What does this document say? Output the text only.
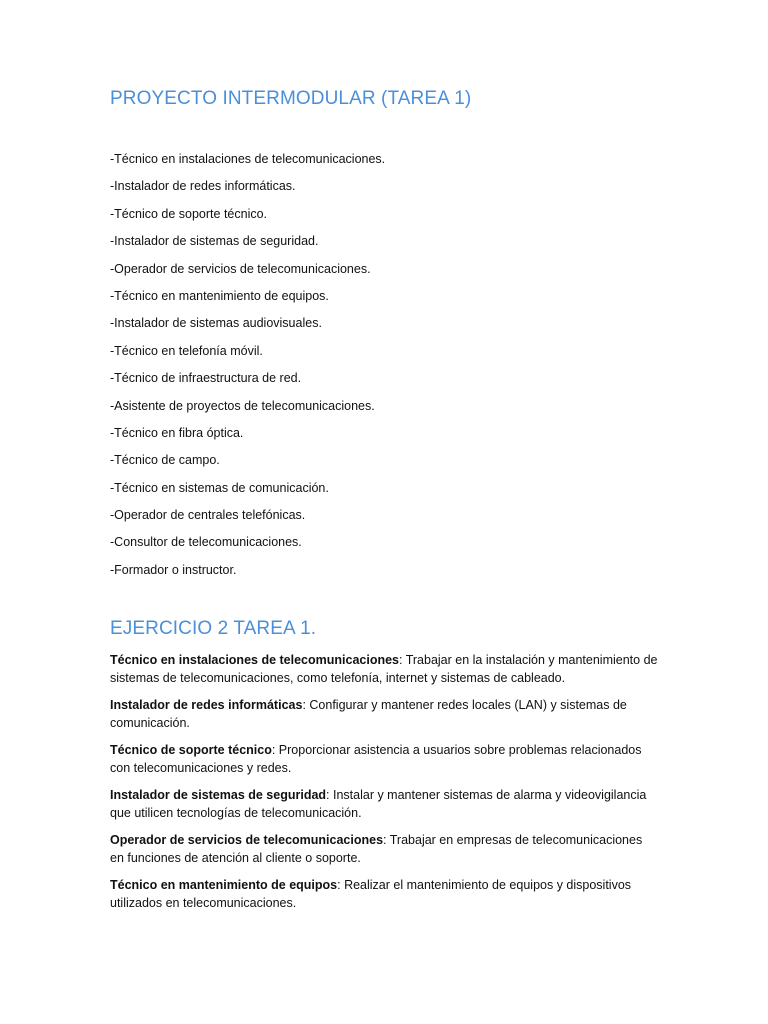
PROYECTO INTERMODULAR (TAREA 1)
-Técnico en instalaciones de telecomunicaciones.
-Instalador de redes informáticas.
-Técnico de soporte técnico.
-Instalador de sistemas de seguridad.
-Operador de servicios de telecomunicaciones.
-Técnico en mantenimiento de equipos.
-Instalador de sistemas audiovisuales.
-Técnico en telefonía móvil.
-Técnico de infraestructura de red.
-Asistente de proyectos de telecomunicaciones.
-Técnico en fibra óptica.
-Técnico de campo.
-Técnico en sistemas de comunicación.
-Operador de centrales telefónicas.
-Consultor de telecomunicaciones.
-Formador o instructor.
EJERCICIO 2 TAREA 1.

Técnico en instalaciones de telecomunicaciones: Trabajar en la instalación y mantenimiento de sistemas de telecomunicaciones, como telefonía, internet y sistemas de cableado.

Instalador de redes informáticas: Configurar y mantener redes locales (LAN) y sistemas de comunicación.

Técnico de soporte técnico: Proporcionar asistencia a usuarios sobre problemas relacionados con telecomunicaciones y redes.

Instalador de sistemas de seguridad: Instalar y mantener sistemas de alarma y videovigilancia que utilicen tecnologías de telecomunicación.

Operador de servicios de telecomunicaciones: Trabajar en empresas de telecomunicaciones en funciones de atención al cliente o soporte.

Técnico en mantenimiento de equipos: Realizar el mantenimiento de equipos y dispositivos utilizados en telecomunicaciones.
